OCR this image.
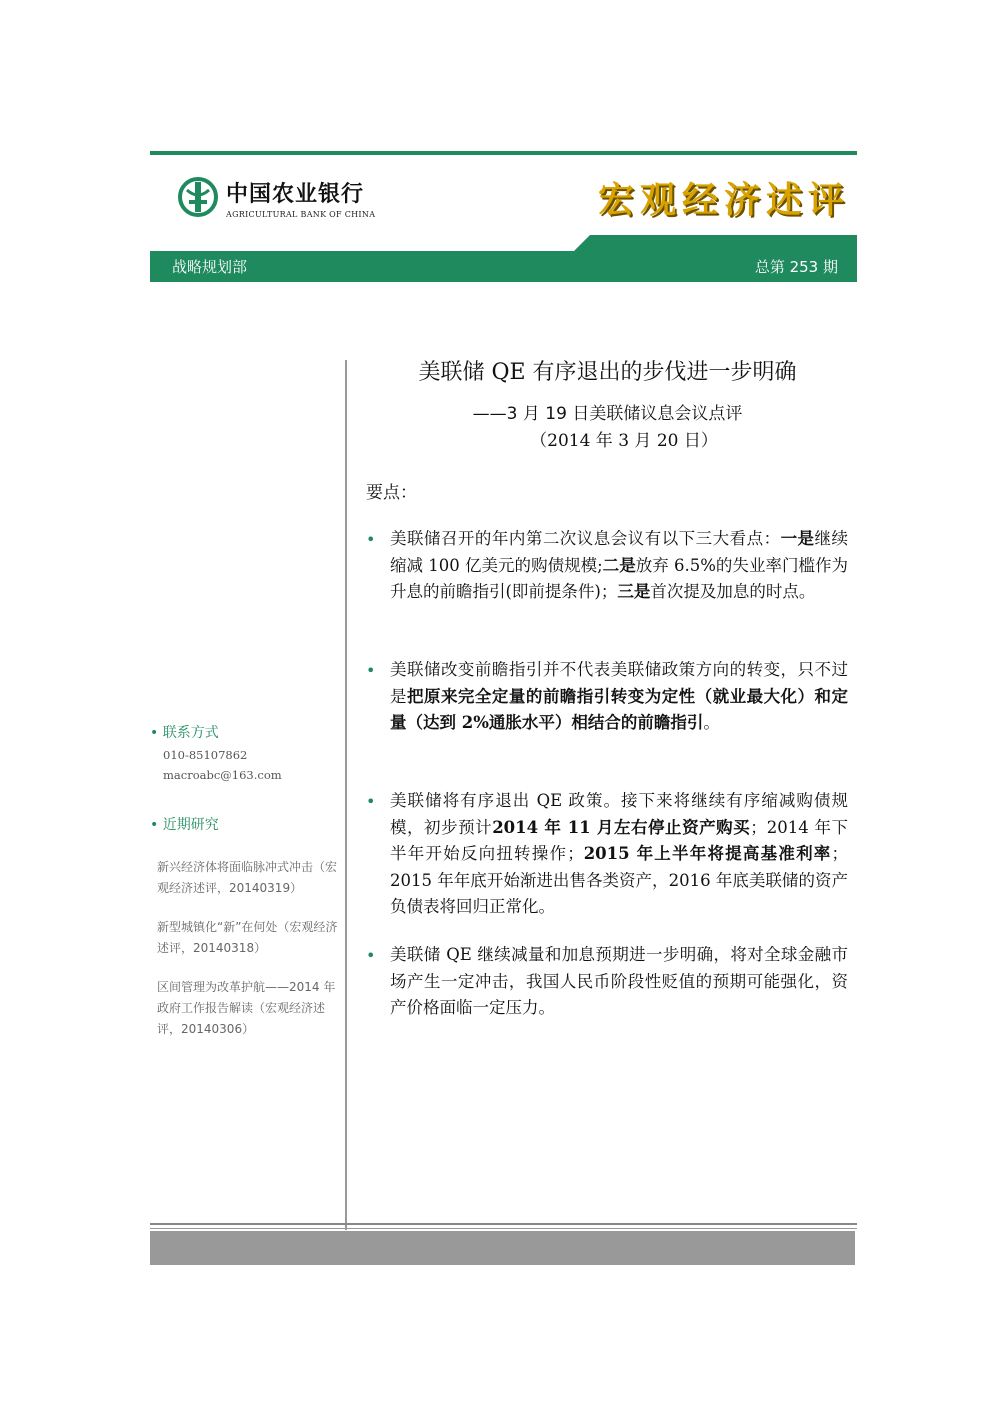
中国农业银行
AGRICULTURAL BANK OF CHINA	宏观经济述评
战略规划部	总第 253 期
美联储 QE 有序退出的步伐进一步明确
——3 月 19 日美联储议息会议点评
（2014 年 3 月 20 日）
要点：
• 美联储召开的年内第二次议息会议有以下三大看点：一是继续缩减 100 亿美元的购债规模;二是放弃 6.5%的失业率门槛作为升息的前瞻指引(即前提条件)；三是首次提及加息的时点。
• 美联储改变前瞻指引并不代表美联储政策方向的转变，只不过是把原来完全定量的前瞻指引转变为定性（就业最大化）和定量（达到 2%通胀水平）相结合的前瞻指引。
• 美联储将有序退出 QE 政策。接下来将继续有序缩减购债规模，初步预计2014 年 11 月左右停止资产购买；2014 年下半年开始反向扭转操作；2015 年上半年将提高基准利率；2015 年年底开始渐进出售各类资产，2016 年底美联储的资产负债表将回归正常化。
• 美联储 QE 继续减量和加息预期进一步明确，将对全球金融市场产生一定冲击，我国人民币阶段性贬值的预期可能强化，资产价格面临一定压力。
• 联系方式
010-85107862
macroabc@163.com
• 近期研究
新兴经济体将面临脉冲式冲击（宏观经济述评，20140319）
新型城镇化“新”在何处（宏观经济述评，20140318）
区间管理为改革护航——2014 年政府工作报告解读（宏观经济述评，20140306）
